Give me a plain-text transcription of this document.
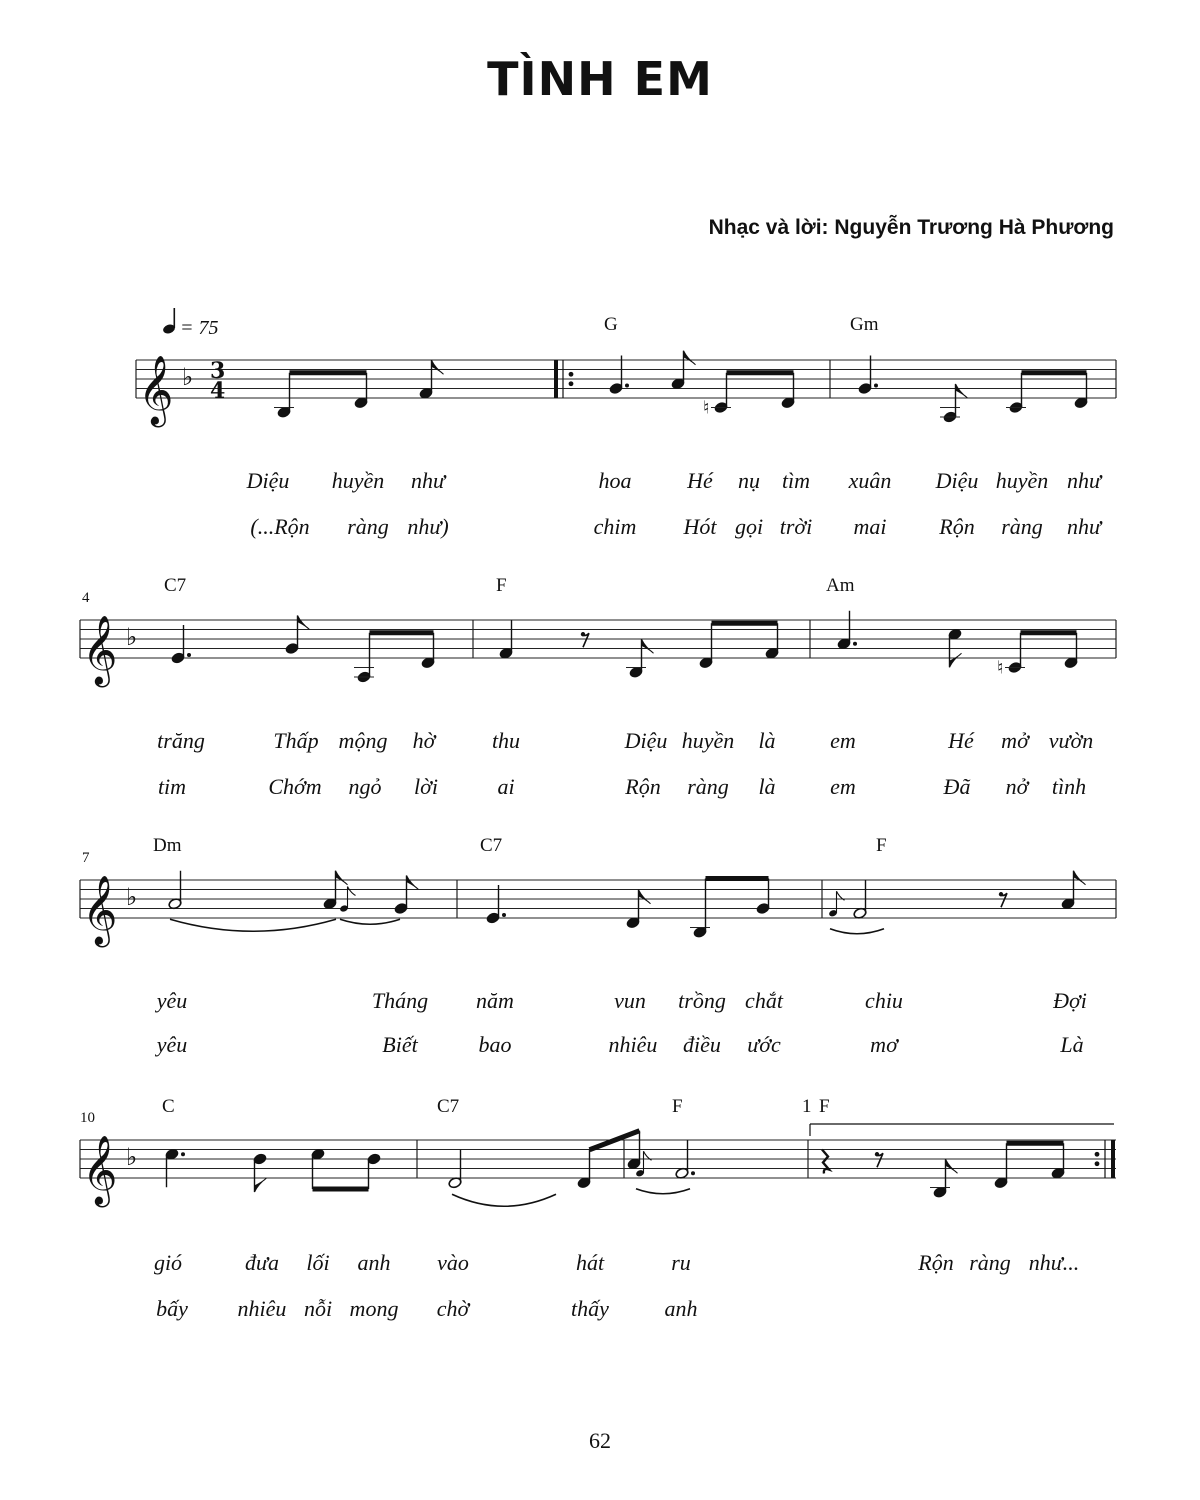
TÌNH EM
Nhạc và lời: Nguyễn Trương Hà Phương
= 75
𝄞 ♭ 3
4
♮
𝄞 ♭
♮
𝄞 ♭
𝄞 ♭
G	Gm
Diệu huyền như	hoa	Hé nụ tìm xuân Diệu huyền như
(...Rộn ràng như)	chim Hót gọi trời mai Rộn ràng như
4
C7	F	Am
trăng	Thấp mộng hờ	thu	Diệu huyền là em	Hé mở vườn
tim	Chớm ngỏ lời	ai	Rộn ràng là em	Đã nở tình
7
Dm	C7	F
yêu	Tháng năm	vun trồng chắt	chiu	Đợi
yêu	Biết	bao	nhiêu điều ước	mơ	Là
10
C	C7	F	1 F
gió	đưa lối anh vào	hát	ru	Rộn ràng như...
bấy nhiêu nỗi mong chờ	thấy	anh
62
